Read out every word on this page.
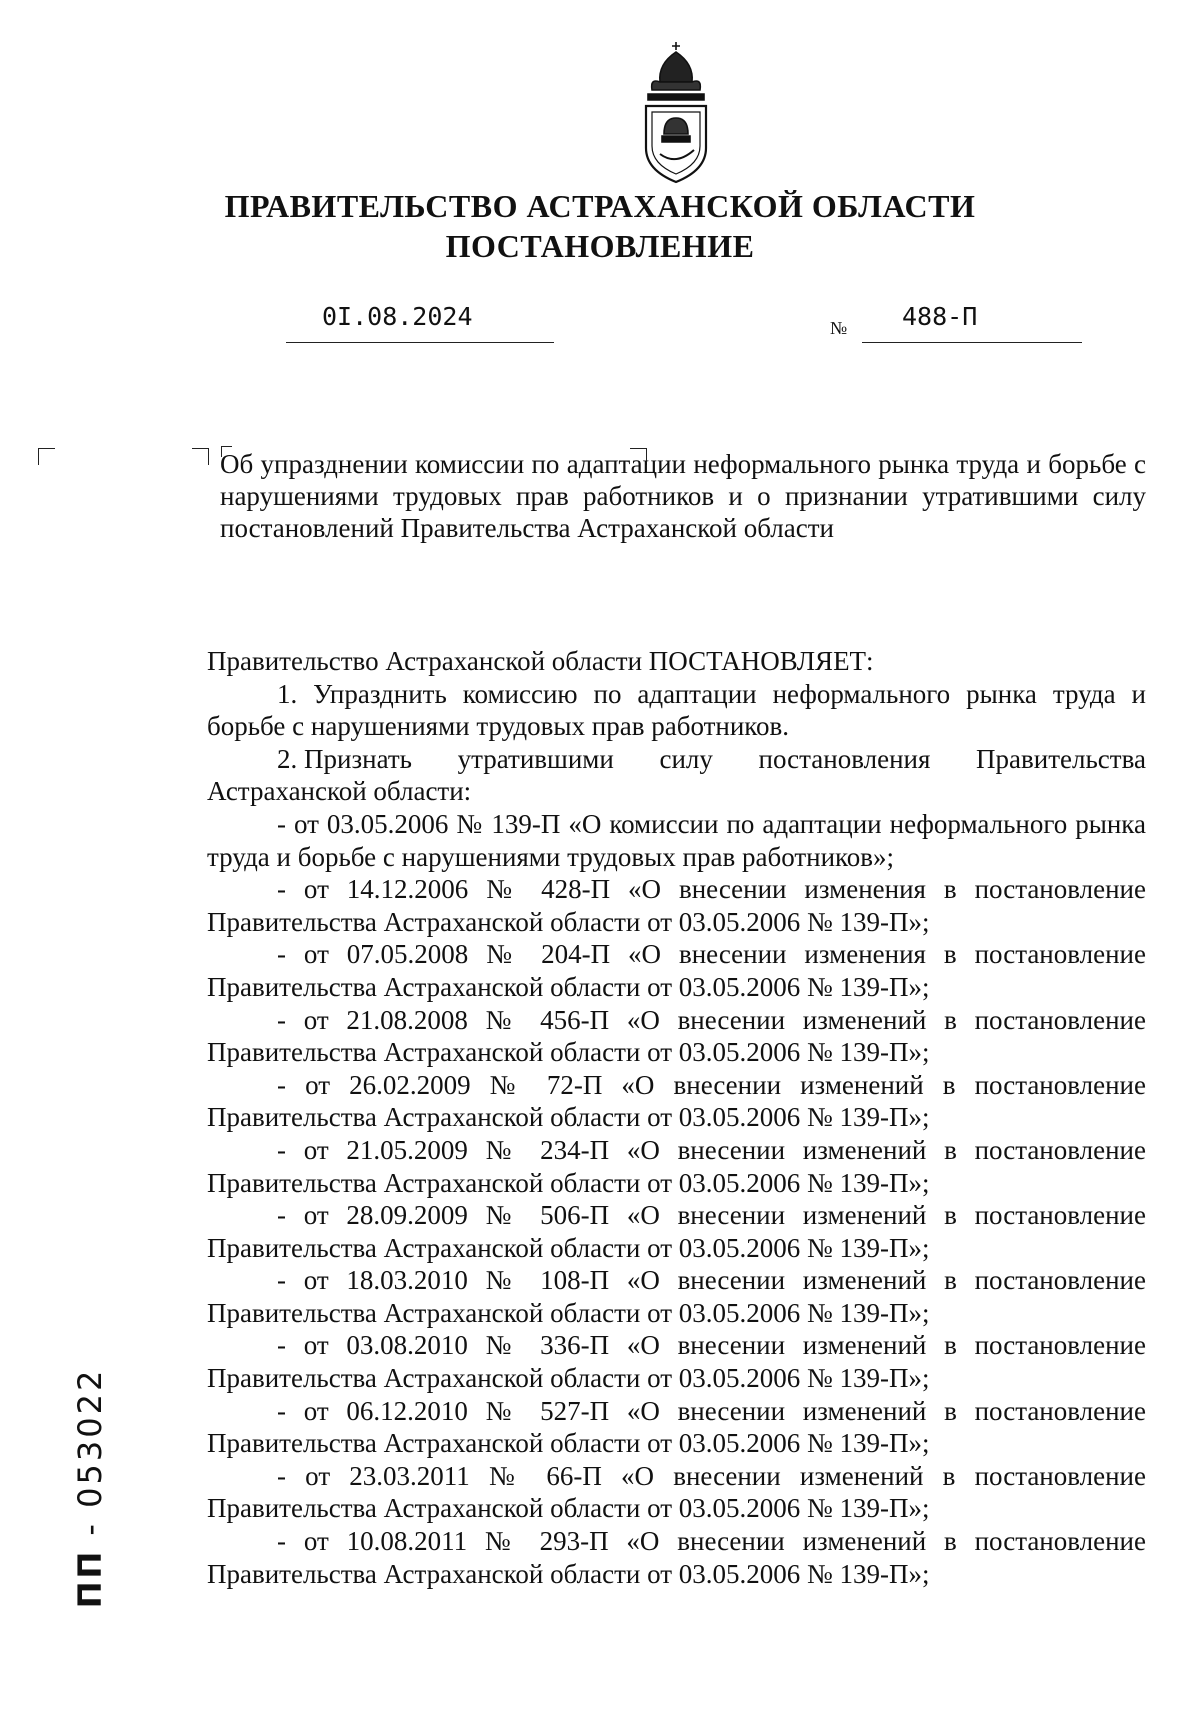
ПРАВИТЕЛЬСТВО АСТРАХАНСКОЙ ОБЛАСТИ
ПОСТАНОВЛЕНИЕ
0I.08.2024	№ 488-П

Об упразднении комиссии по адаптации неформального рынка труда и борьбе с нарушениями трудовых прав работников и о признании утратившими силу постановлений Правительства Астраханской области

Правительство Астраханской области ПОСТАНОВЛЯЕТ:

1. Упразднить комиссию по адаптации неформального рынка труда и борьбе с нарушениями трудовых прав работников.

2. Признать утратившими силу постановления Правительства

Астраханской области:

- от 03.05.2006 № 139-П «О комиссии по адаптации неформального рынка труда и борьбе с нарушениями трудовых прав работников»;

- от 14.12.2006 № 428-П «О внесении изменения в постановление Правительства Астраханской области от 03.05.2006 № 139-П»;

- от 07.05.2008 № 204-П «О внесении изменения в постановление Правительства Астраханской области от 03.05.2006 № 139-П»;

- от 21.08.2008 № 456-П «О внесении изменений в постановление Правительства Астраханской области от 03.05.2006 № 139-П»;

- от 26.02.2009 № 72-П «О внесении изменений в постановление Правительства Астраханской области от 03.05.2006 № 139-П»;

- от 21.05.2009 № 234-П «О внесении изменений в постановление Правительства Астраханской области от 03.05.2006 № 139-П»;

- от 28.09.2009 № 506-П «О внесении изменений в постановление Правительства Астраханской области от 03.05.2006 № 139-П»;

- от 18.03.2010 № 108-П «О внесении изменений в постановление Правительства Астраханской области от 03.05.2006 № 139-П»;

- от 03.08.2010 № 336-П «О внесении изменений в постановление Правительства Астраханской области от 03.05.2006 № 139-П»;

- от 06.12.2010 № 527-П «О внесении изменений в постановление Правительства Астраханской области от 03.05.2006 № 139-П»;

- от 23.03.2011 № 66-П «О внесении изменений в постановление Правительства Астраханской области от 03.05.2006 № 139-П»;

- от 10.08.2011 № 293-П «О внесении изменений в постановление Правительства Астраханской области от 03.05.2006 № 139-П»;

ПП - 053022
